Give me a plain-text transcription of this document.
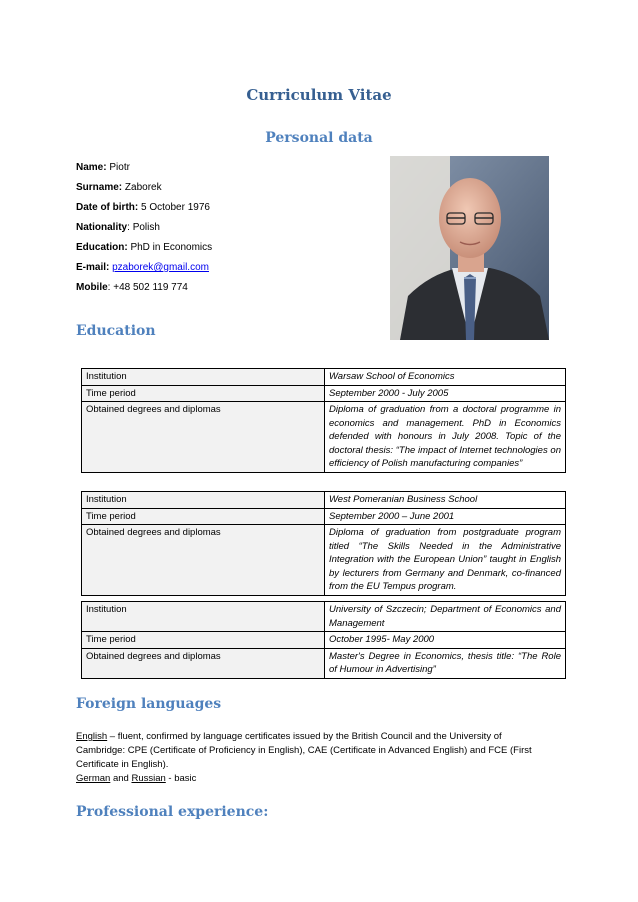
Curriculum Vitae
Personal data
Name: Piotr
Surname: Zaborek
Date of birth: 5 October 1976
Nationality: Polish
Education: PhD in Economics
E-mail: pzaborek@gmail.com
Mobile: +48 502 119 774
Education
Institution	Warsaw School of Economics
Time period	September 2000 - July 2005
Obtained degrees and diplomas	Diploma of graduation from a doctoral programme in economics and management. PhD in Economics defended with honours in July 2008. Topic of the doctoral thesis: “The impact of Internet technologies on efficiency of Polish manufacturing companies”
Institution	West Pomeranian Business School
Time period	September 2000 – June 2001
Obtained degrees and diplomas	Diploma of graduation from postgraduate program titled “The Skills Needed in the Administrative Integration with the European Union” taught in English by lecturers from Germany and Denmark, co-financed from the EU Tempus program.
Institution	University of Szczecin; Department of Economics and Management
Time period	October 1995- May 2000
Obtained degrees and diplomas	Master's Degree in Economics, thesis title: “The Role of Humour in Advertising”
Foreign languages
English – fluent, confirmed by language certificates issued by the British Council and the University of Cambridge: CPE (Certificate of Proficiency in English), CAE (Certificate in Advanced English) and FCE (First Certificate in English).
German and Russian - basic
Professional experience:
